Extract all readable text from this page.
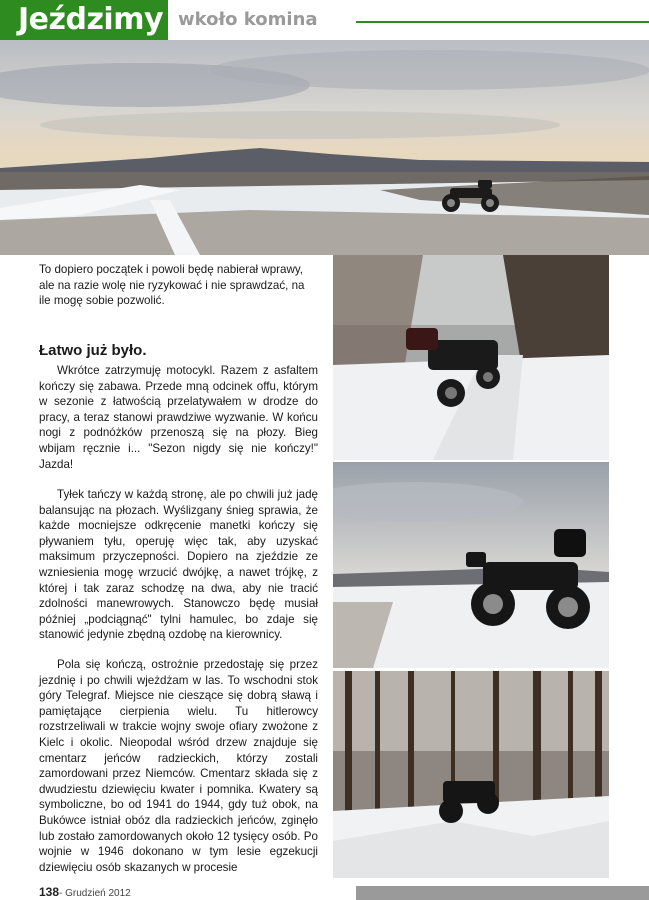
Jeździmy wkoło komina

To dopiero początek i powoli będę nabierał wprawy, ale na razie wolę nie ryzykować i nie sprawdzać, na ile mogę sobie pozwolić.

Łatwo już było.

Wkrótce zatrzymuję motocykl. Razem z asfaltem kończy się zabawa. Przede mną odcinek offu, którym w sezonie z łatwością przelatywałem w drodze do pracy, a teraz stanowi prawdziwe wyzwanie. W końcu nogi z podnóżków przenoszą się na płozy. Bieg wbijam ręcznie i... "Sezon nigdy się nie kończy!" Jazda!

Tyłek tańczy w każdą stronę, ale po chwili już jadę balansując na płozach. Wyślizgany śnieg sprawia, że każde mocniejsze odkręcenie manetki kończy się pływaniem tyłu, operuję więc tak, aby uzyskać maksimum przyczepności. Dopiero na zjeździe ze wzniesienia mogę wrzucić dwójkę, a nawet trójkę, z której i tak zaraz schodzę na dwa, aby nie tracić zdolności manewrowych. Stanowczo będę musiał później „podciągnąć" tylni hamulec, bo zdaje się stanowić jedynie zbędną ozdobę na kierownicy.

Pola się kończą, ostrożnie przedostaję się przez jezdnię i po chwili wjeżdżam w las. To wschodni stok góry Telegraf. Miejsce nie cieszące się dobrą sławą i pamiętające cierpienia wielu. Tu hitlerowcy rozstrzeliwali w trakcie wojny swoje ofiary zwożone z Kielc i okolic. Nieopodal wśród drzew znajduje się cmentarz jeńców radzieckich, którzy zostali zamordowani przez Niemców. Cmentarz składa się z dwudziestu dziewięciu kwater i pomnika. Kwatery są symboliczne, bo od 1941 do 1944, gdy tuż obok, na Bukówce istniał obóz dla radzieckich jeńców, zginęło lub zostało zamordowanych około 12 tysięcy osób. Po wojnie w 1946 dokonano w tym lesie egzekucji dziewięciu osób skazanych w procesie

138- Grudzień 2012
